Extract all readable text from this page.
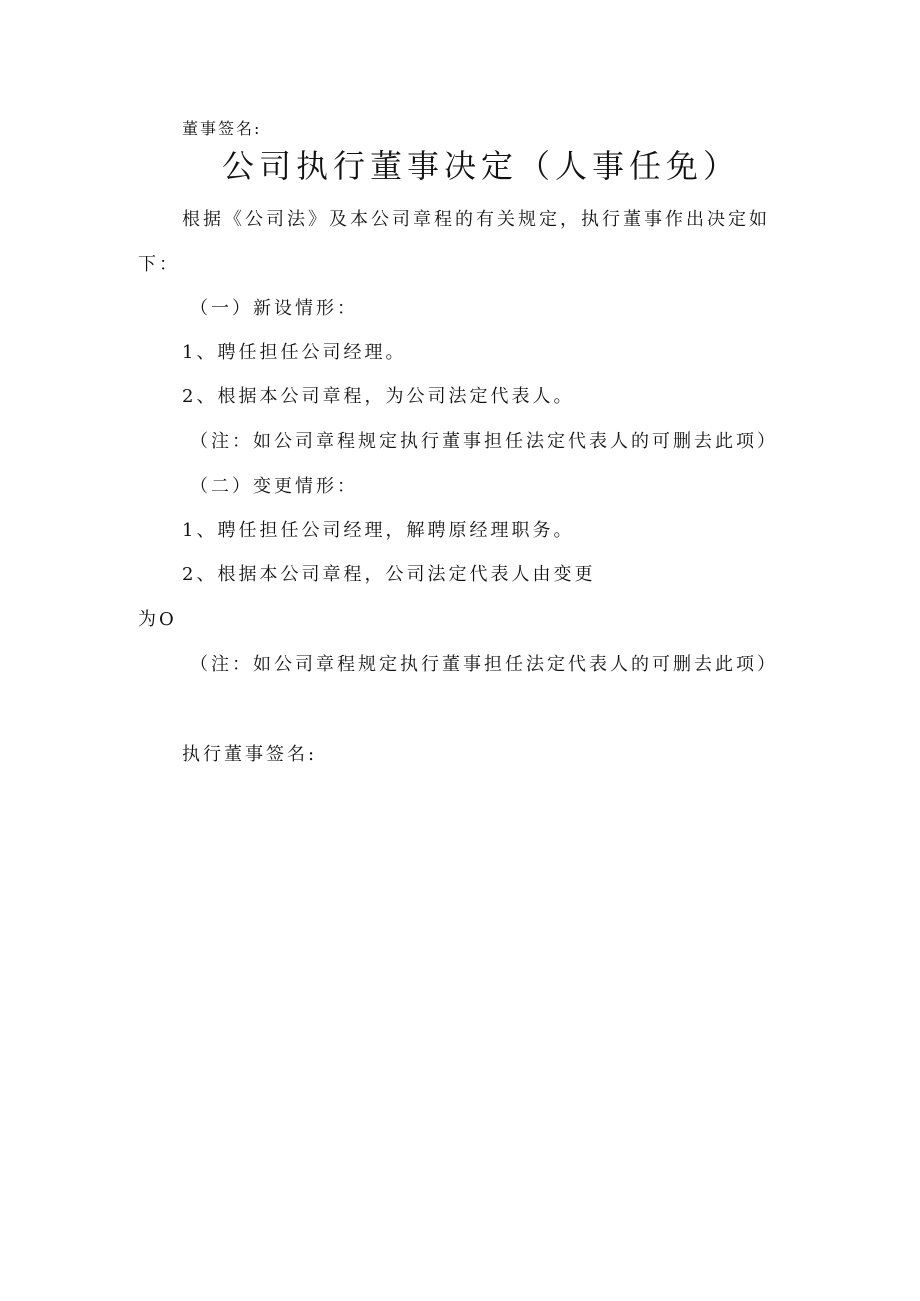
董事签名:
公司执行董事决定（人事任免）
根据《公司法》及本公司章程的有关规定，执行董事作出决定如
下：
（一）新设情形：
1、聘任担任公司经理。
2、根据本公司章程，为公司法定代表人。
（注：如公司章程规定执行董事担任法定代表人的可删去此项）
（二）变更情形：
1、聘任担任公司经理，解聘原经理职务。
2、根据本公司章程，公司法定代表人由变更
为O
（注：如公司章程规定执行董事担任法定代表人的可删去此项）
执行董事签名:
